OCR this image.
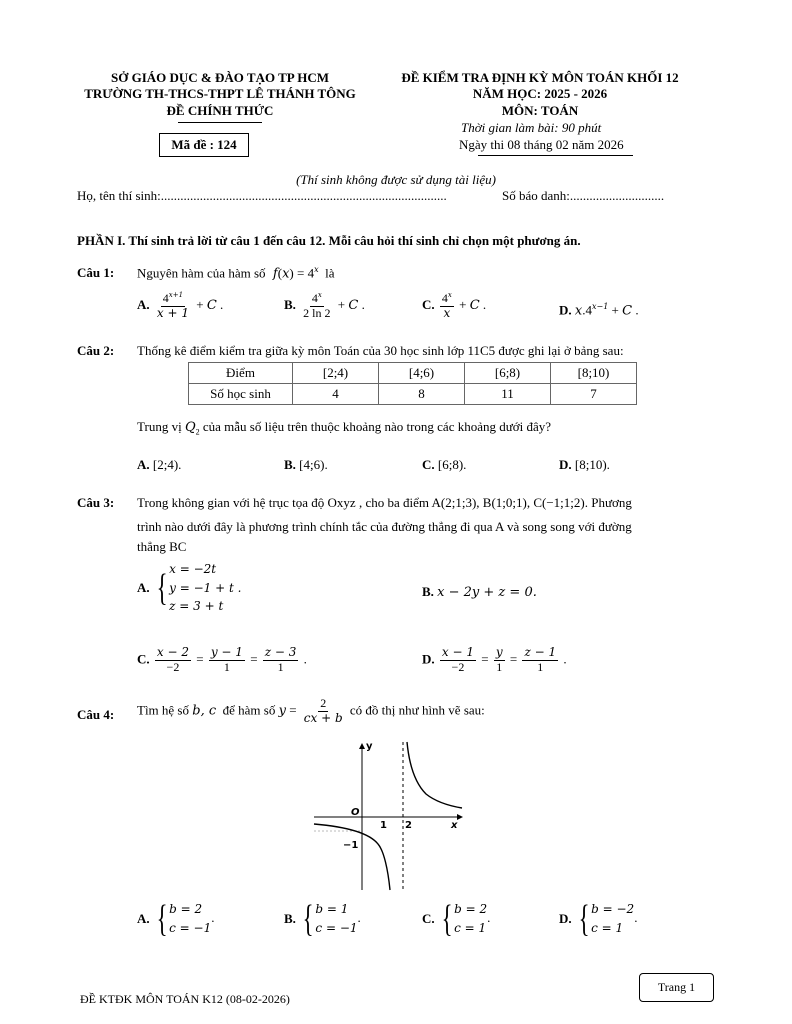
SỞ GIÁO DỤC & ĐÀO TẠO TP HCM
TRƯỜNG TH-THCS-THPT LÊ THÁNH TÔNG
ĐỀ CHÍNH THỨC
Mã đề : 124
ĐỀ KIỂM TRA ĐỊNH KỲ MÔN TOÁN KHỐI 12
NĂM HỌC: 2025 - 2026
MÔN: TOÁN
Thời gian làm bài: 90 phút
Ngày thi 08 tháng 02 năm 2026
(Thí sinh không được sử dụng tài liệu)
Họ, tên thí sinh:........................................................................................	Số báo danh:.............................
PHẦN I. Thí sinh trả lời từ câu 1 đến câu 12. Mỗi câu hỏi thí sinh chỉ chọn một phương án.
Câu 1: Nguyên hàm của hàm số  $f(x) = 4^x$ là
A. $\frac{4^{x+1}}{x + 1} + C$ .	B. $\frac{4^x}{2 \ln 2} + C$ .	C. $\frac{4^x}{x} + C$ .	D. $x.4^{x-1} + C$ .
Câu 2: Thống kê điểm kiểm tra giữa kỳ môn Toán của 30 học sinh lớp 11C5 được ghi lại ở bảng sau:
Điểm	[2;4)	[4;6)	[6;8)	[8;10)
Số học sinh	4	8	11	7
Trung vị $Q_2$ của mẫu số liệu trên thuộc khoảng nào trong các khoảng dưới đây?
A. [2;4).	B. [4;6).	C. [6;8).	D. [8;10).
Câu 3: Trong không gian với hệ trục tọa độ Oxyz , cho ba điểm A(2;1;3), B(1;0;1), C(−1;1;2). Phương
trình nào dưới đây là phương trình chính tắc của đường thẳng đi qua A và song song với đường
thẳng BC
A. { x = −2t
y = −1 + t .
z = 3 + t
B. x − 2y + z = 0.
C. $\frac{x - 2}{-2} = \frac{y - 1}{1} = \frac{z - 3}{1}$ .	D. $\frac{x - 1}{-2} = \frac{y}{1} = \frac{z - 1}{1}$ .
Câu 4: Tìm hệ số b, c để hàm số $y = \frac{2}{cx + b}$ có đồ thị như hình vẽ sau:
y
x
O
1 2
−1
A. { b = 2
c = −1
.	B. { b = 1
c = −1
.	C. { b = 2
c = 1
.	D. { b = −2
c = 1
.
ĐỀ KTĐK MÔN TOÁN K12 (08-02-2026)
Trang 1
